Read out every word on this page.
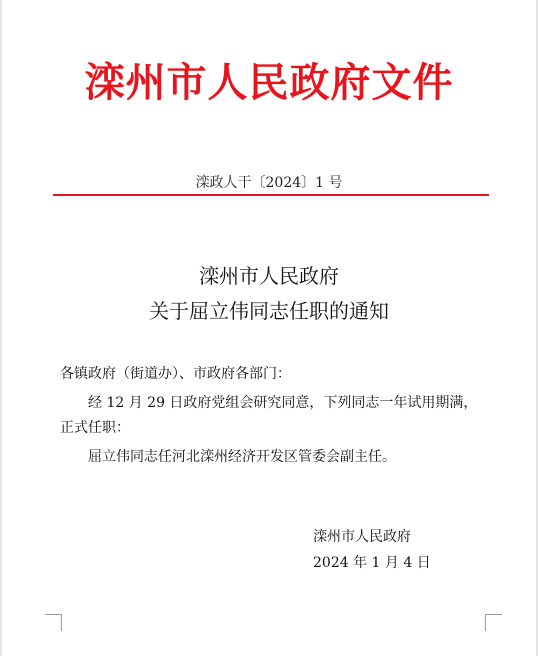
滦州市人民政府文件
滦政人干〔2024〕1 号
滦州市人民政府
关于屈立伟同志任职的通知
各镇政府（街道办）、市政府各部门：
经 12 月 29 日政府党组会研究同意，下列同志一年试用期满，
正式任职：
屈立伟同志任河北滦州经济开发区管委会副主任。
滦州市人民政府
2024 年 1 月 4 日
